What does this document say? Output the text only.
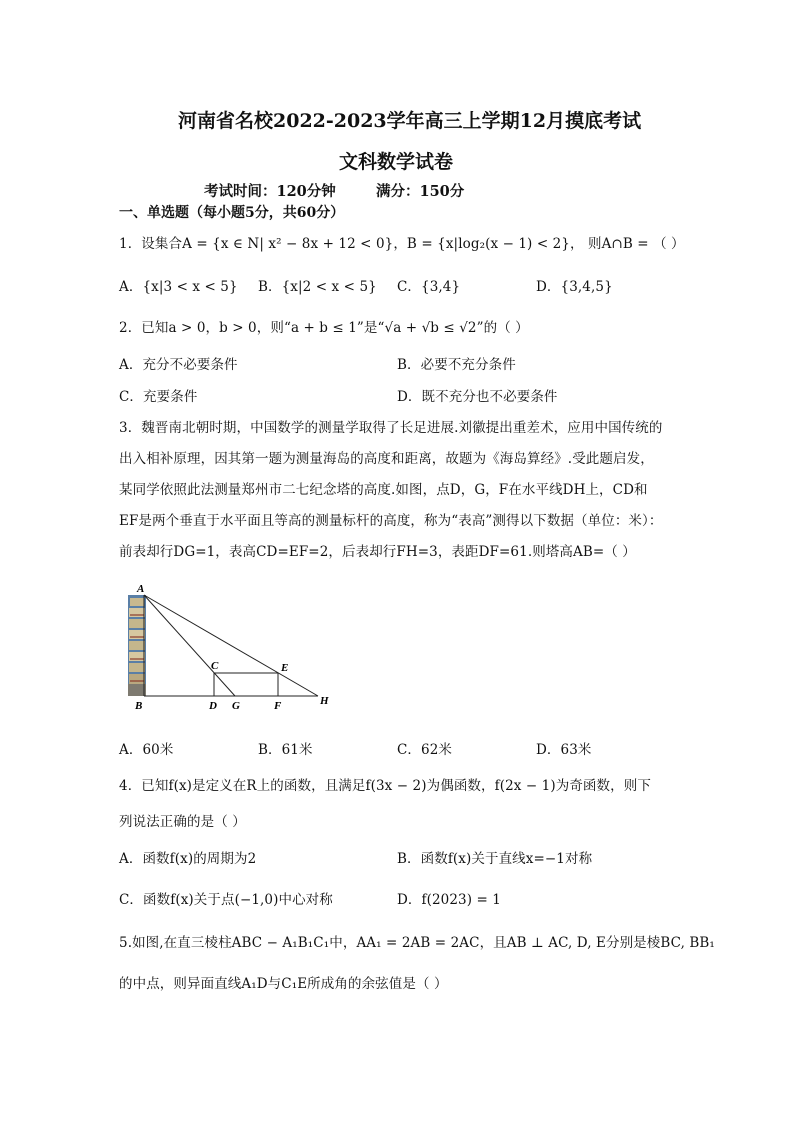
河南省名校2022-2023学年高三上学期12月摸底考试
文科数学试卷
考试时间：120分钟	满分：150分
一、单选题（每小题5分，共60分）
1．设集合A = {x ∈ N| x² − 8x + 12 < 0}，B = {x|log₂(x − 1) < 2}， 则A∩B = （ ）
A．{x|3 < x < 5} B．{x|2 < x < 5} C．{3,4}	D．{3,4,5}
2．已知a > 0，b > 0，则“a + b ≤ 1”是“√a + √b ≤ √2”的（ ）
A．充分不必要条件	B．必要不充分条件
C．充要条件	D．既不充分也不必要条件
3．魏晋南北朝时期，中国数学的测量学取得了长足进展.刘徽提出重差术，应用中国传统的
出入相补原理，因其第一题为测量海岛的高度和距离，故题为《海岛算经》.受此题启发，
某同学依照此法测量郑州市二七纪念塔的高度.如图，点D，G，F在水平线DH上，CD和
EF是两个垂直于水平面且等高的测量标杆的高度，称为“表高”测得以下数据（单位：米）：
前表却行DG=1，表高CD=EF=2，后表却行FH=3，表距DF=61.则塔高AB=（ ）
A
B
C
D
E
F
G	H
A．60米	B．61米	C．62米	D．63米
4．已知f(x)是定义在R上的函数，且满足f(3x − 2)为偶函数，f(2x − 1)为奇函数，则下
列说法正确的是（ ）
A．函数f(x)的周期为2	B．函数f(x)关于直线x=−1对称
C．函数f(x)关于点(−1,0)中心对称	D．f(2023) = 1
5.如图,在直三棱柱ABC − A₁B₁C₁中，AA₁ = 2AB = 2AC，且AB ⊥ AC, D, E分别是棱BC, BB₁
的中点，则异面直线A₁D与C₁E所成角的余弦值是（ ）
